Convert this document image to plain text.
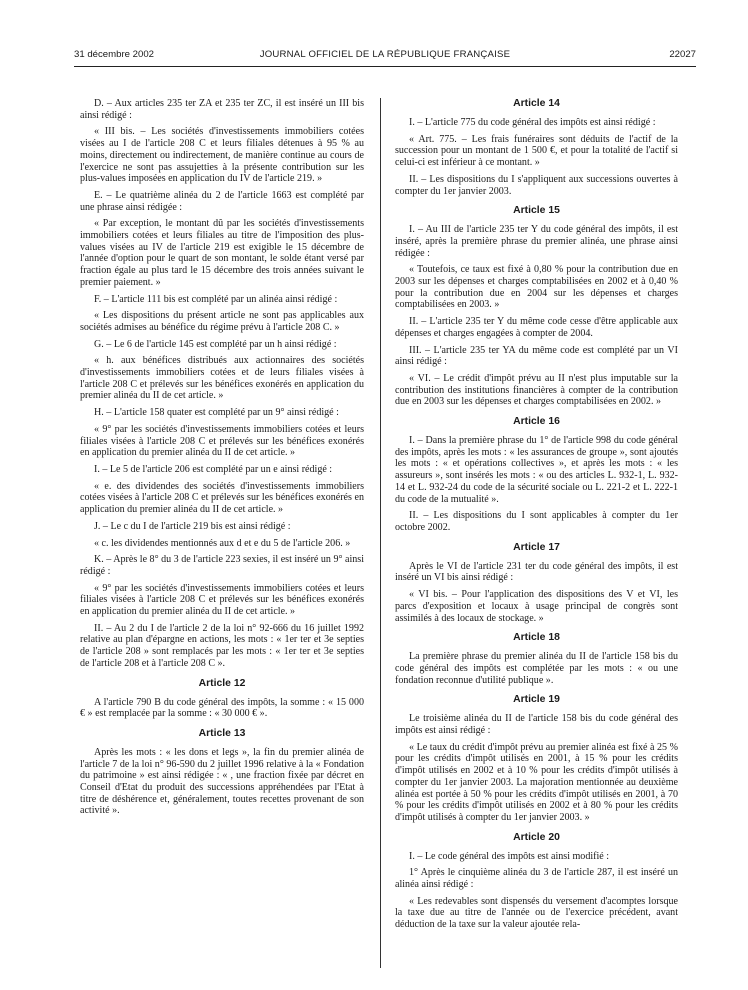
31 décembre 2002	JOURNAL OFFICIEL DE LA RÉPUBLIQUE FRANÇAISE	22027

D. – Aux articles 235 ter ZA et 235 ter ZC, il est inséré un III bis ainsi rédigé :

« III bis. – Les sociétés d'investissements immobiliers cotées visées au I de l'article 208 C et leurs filiales détenues à 95 % au moins, directement ou indirectement, de manière continue au cours de l'exercice ne sont pas assujetties à la présente contribution sur les plus-values imposées en application du IV de l'article 219. »

E. – Le quatrième alinéa du 2 de l'article 1663 est complété par une phrase ainsi rédigée :

« Par exception, le montant dû par les sociétés d'investissements immobiliers cotées et leurs filiales au titre de l'imposition des plus-values visées au IV de l'article 219 est exigible le 15 décembre de l'année d'option pour le quart de son montant, le solde étant versé par fraction égale au plus tard le 15 décembre des trois années suivant le premier paiement. »

F. – L'article 111 bis est complété par un alinéa ainsi rédigé :

« Les dispositions du présent article ne sont pas applicables aux sociétés admises au bénéfice du régime prévu à l'article 208 C. »

G. – Le 6 de l'article 145 est complété par un h ainsi rédigé :

« h. aux bénéfices distribués aux actionnaires des sociétés d'investissements immobiliers cotées et de leurs filiales visées à l'article 208 C et prélevés sur les bénéfices exonérés en application du premier alinéa du II de cet article. »

H. – L'article 158 quater est complété par un 9° ainsi rédigé :

« 9° par les sociétés d'investissements immobiliers cotées et leurs filiales visées à l'article 208 C et prélevés sur les bénéfices exonérés en application du premier alinéa du II de cet article. »

I. – Le 5 de l'article 206 est complété par un e ainsi rédigé :

« e. des dividendes des sociétés d'investissements immobiliers cotées visées à l'article 208 C et prélevés sur les bénéfices exonérés en application du premier alinéa du II de cet article. »

J. – Le c du I de l'article 219 bis est ainsi rédigé :

« c. les dividendes mentionnés aux d et e du 5 de l'article 206. »

K. – Après le 8° du 3 de l'article 223 sexies, il est inséré un 9° ainsi rédigé :

« 9° par les sociétés d'investissements immobiliers cotées et leurs filiales visées à l'article 208 C et prélevés sur les bénéfices exonérés en application du premier alinéa du II de cet article. »

II. – Au 2 du I de l'article 2 de la loi n° 92-666 du 16 juillet 1992 relative au plan d'épargne en actions, les mots : « 1er ter et 3e septies de l'article 208 » sont remplacés par les mots : « 1er ter et 3e septies de l'article 208 et à l'article 208 C ».

Article 12

A l'article 790 B du code général des impôts, la somme : « 15 000 € » est remplacée par la somme : « 30 000 € ».

Article 13

Après les mots : « les dons et legs », la fin du premier alinéa de l'article 7 de la loi n° 96-590 du 2 juillet 1996 relative à la « Fondation du patrimoine » est ainsi rédigée : « , une fraction fixée par décret en Conseil d'Etat du produit des successions appréhendées par l'Etat à titre de déshérence et, généralement, toutes recettes provenant de son activité ».

Article 14

I. – L'article 775 du code général des impôts est ainsi rédigé :

« Art. 775. – Les frais funéraires sont déduits de l'actif de la succession pour un montant de 1 500 €, et pour la totalité de l'actif si celui-ci est inférieur à ce montant. »

II. – Les dispositions du I s'appliquent aux successions ouvertes à compter du 1er janvier 2003.

Article 15

I. – Au III de l'article 235 ter Y du code général des impôts, il est inséré, après la première phrase du premier alinéa, une phrase ainsi rédigée :

« Toutefois, ce taux est fixé à 0,80 % pour la contribution due en 2003 sur les dépenses et charges comptabilisées en 2002 et à 0,40 % pour la contribution due en 2004 sur les dépenses et charges comptabilisées en 2003. »

II. – L'article 235 ter Y du même code cesse d'être applicable aux dépenses et charges engagées à compter de 2004.

III. – L'article 235 ter YA du même code est complété par un VI ainsi rédigé :

« VI. – Le crédit d'impôt prévu au II n'est plus imputable sur la contribution des institutions financières à compter de la contribution due en 2003 sur les dépenses et charges comptabilisées en 2002. »

Article 16

I. – Dans la première phrase du 1° de l'article 998 du code général des impôts, après les mots : « les assurances de groupe », sont ajoutés les mots : « et opérations collectives », et après les mots : « les assureurs », sont insérés les mots : « ou des articles L. 932-1, L. 932-14 et L. 932-24 du code de la sécurité sociale ou L. 221-2 et L. 222-1 du code de la mutualité ».

II. – Les dispositions du I sont applicables à compter du 1er octobre 2002.

Article 17

Après le VI de l'article 231 ter du code général des impôts, il est inséré un VI bis ainsi rédigé :

« VI bis. – Pour l'application des dispositions des V et VI, les parcs d'exposition et locaux à usage principal de congrès sont assimilés à des locaux de stockage. »

Article 18

La première phrase du premier alinéa du II de l'article 158 bis du code général des impôts est complétée par les mots : « ou une fondation reconnue d'utilité publique ».

Article 19

Le troisième alinéa du II de l'article 158 bis du code général des impôts est ainsi rédigé :

« Le taux du crédit d'impôt prévu au premier alinéa est fixé à 25 % pour les crédits d'impôt utilisés en 2001, à 15 % pour les crédits d'impôt utilisés en 2002 et à 10 % pour les crédits d'impôt utilisés à compter du 1er janvier 2003. La majoration mentionnée au deuxième alinéa est portée à 50 % pour les crédits d'impôt utilisés en 2001, à 70 % pour les crédits d'impôt utilisés en 2002 et à 80 % pour les crédits d'impôt utilisés à compter du 1er janvier 2003. »

Article 20

I. – Le code général des impôts est ainsi modifié :

1° Après le cinquième alinéa du 3 de l'article 287, il est inséré un alinéa ainsi rédigé :

« Les redevables sont dispensés du versement d'acomptes lorsque la taxe due au titre de l'année ou de l'exercice précédent, avant déduction de la taxe sur la valeur ajoutée rela-
